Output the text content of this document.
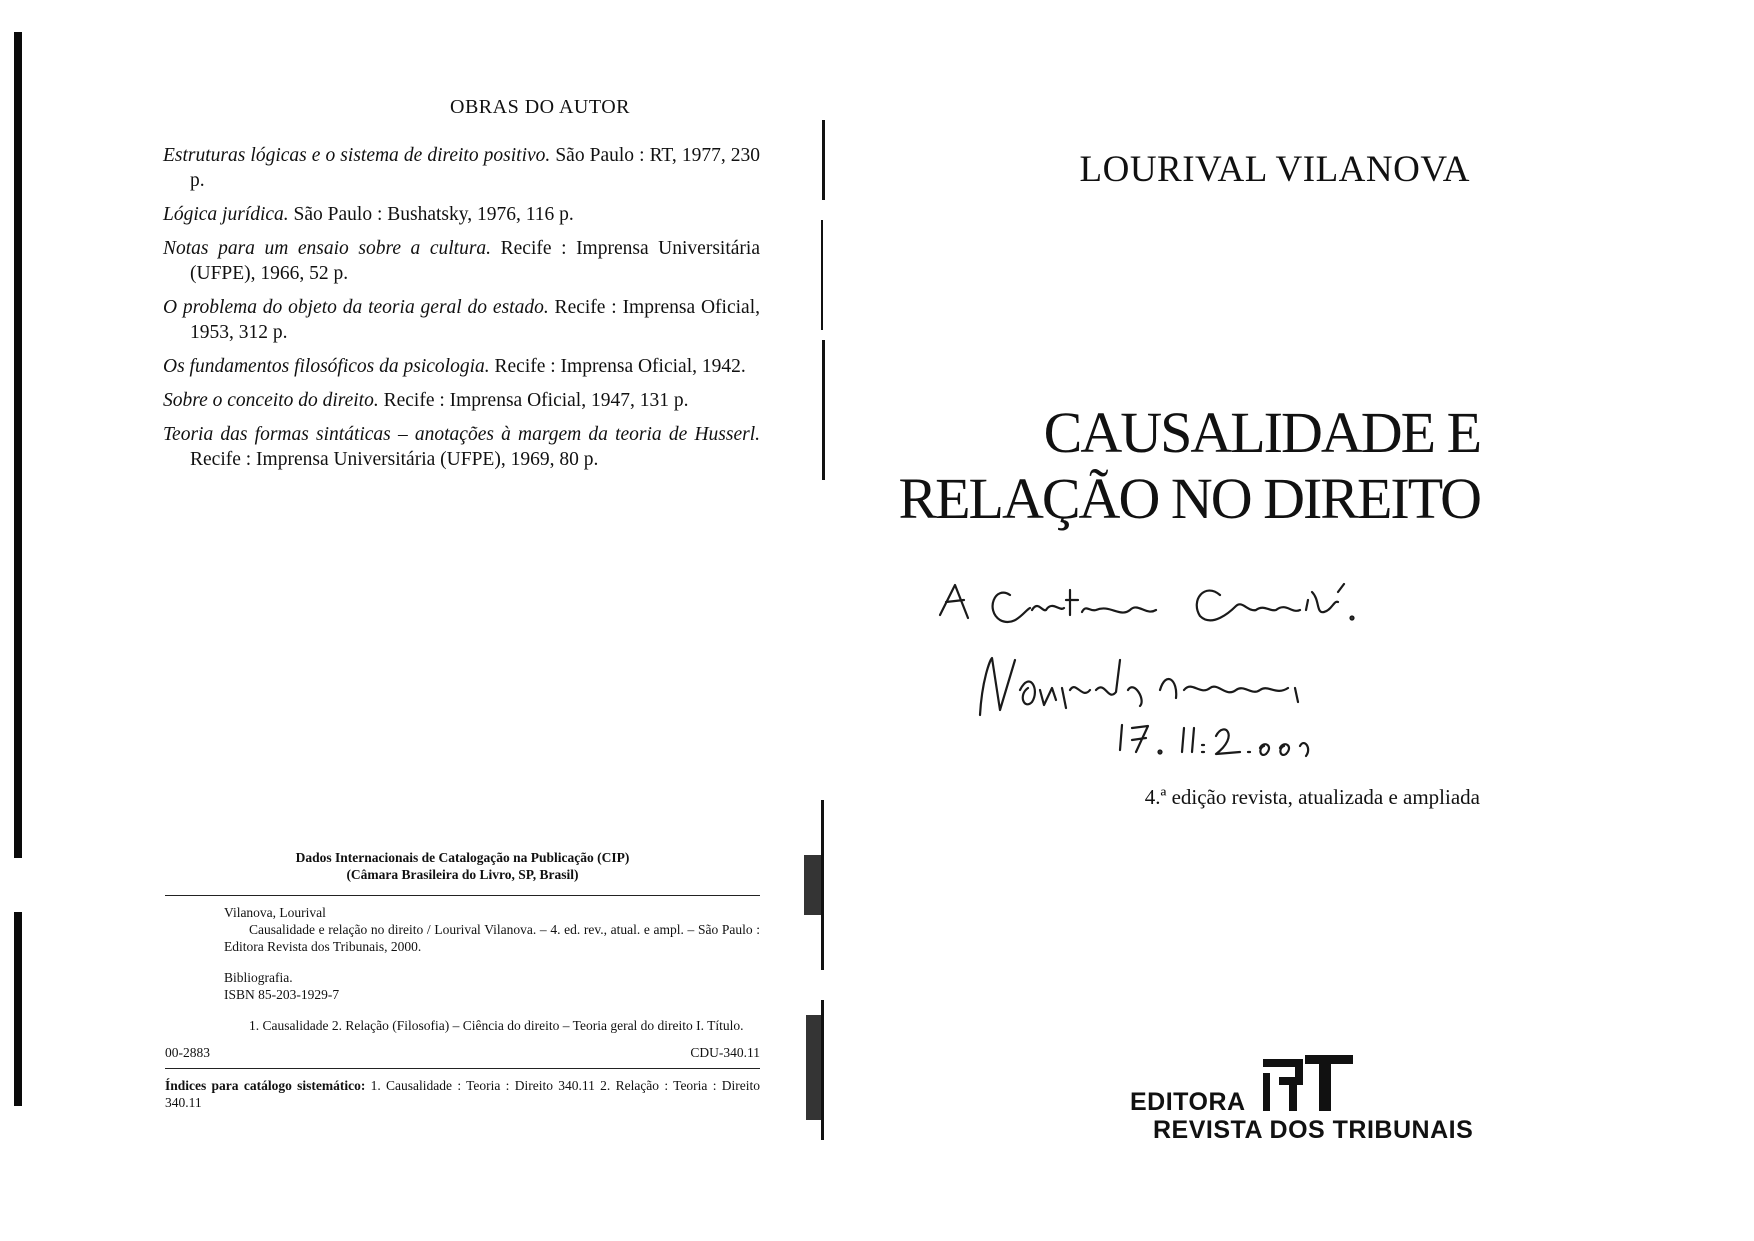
OBRAS DO AUTOR
Estruturas lógicas e o sistema de direito positivo. São Paulo : RT, 1977, 230 p.
Lógica jurídica. São Paulo : Bushatsky, 1976, 116 p.
Notas para um ensaio sobre a cultura. Recife : Imprensa Universitária (UFPE), 1966, 52 p.
O problema do objeto da teoria geral do estado. Recife : Imprensa Oficial, 1953, 312 p.
Os fundamentos filosóficos da psicologia. Recife : Imprensa Oficial, 1942.
Sobre o conceito do direito. Recife : Imprensa Oficial, 1947, 131 p.
Teoria das formas sintáticas – anotações à margem da teoria de Husserl. Recife : Imprensa Universitária (UFPE), 1969, 80 p.
Dados Internacionais de Catalogação na Publicação (CIP)
(Câmara Brasileira do Livro, SP, Brasil)
Vilanova, Lourival
Causalidade e relação no direito / Lourival Vilanova. – 4. ed. rev., atual. e ampl. – São Paulo : Editora Revista dos Tribunais, 2000.
Bibliografia.
ISBN 85-203-1929-7
1. Causalidade 2. Relação (Filosofia) – Ciência do direito – Teoria geral do direito I. Título.
00-2883	CDU-340.11
Índices para catálogo sistemático: 1. Causalidade : Teoria : Direito 340.11 2. Relação : Teoria : Direito 340.11
LOURIVAL VILANOVA
CAUSALIDADE E
RELAÇÃO NO DIREITO
4.ª edição revista, atualizada e ampliada
EDITORA
REVISTA DOS TRIBUNAIS
